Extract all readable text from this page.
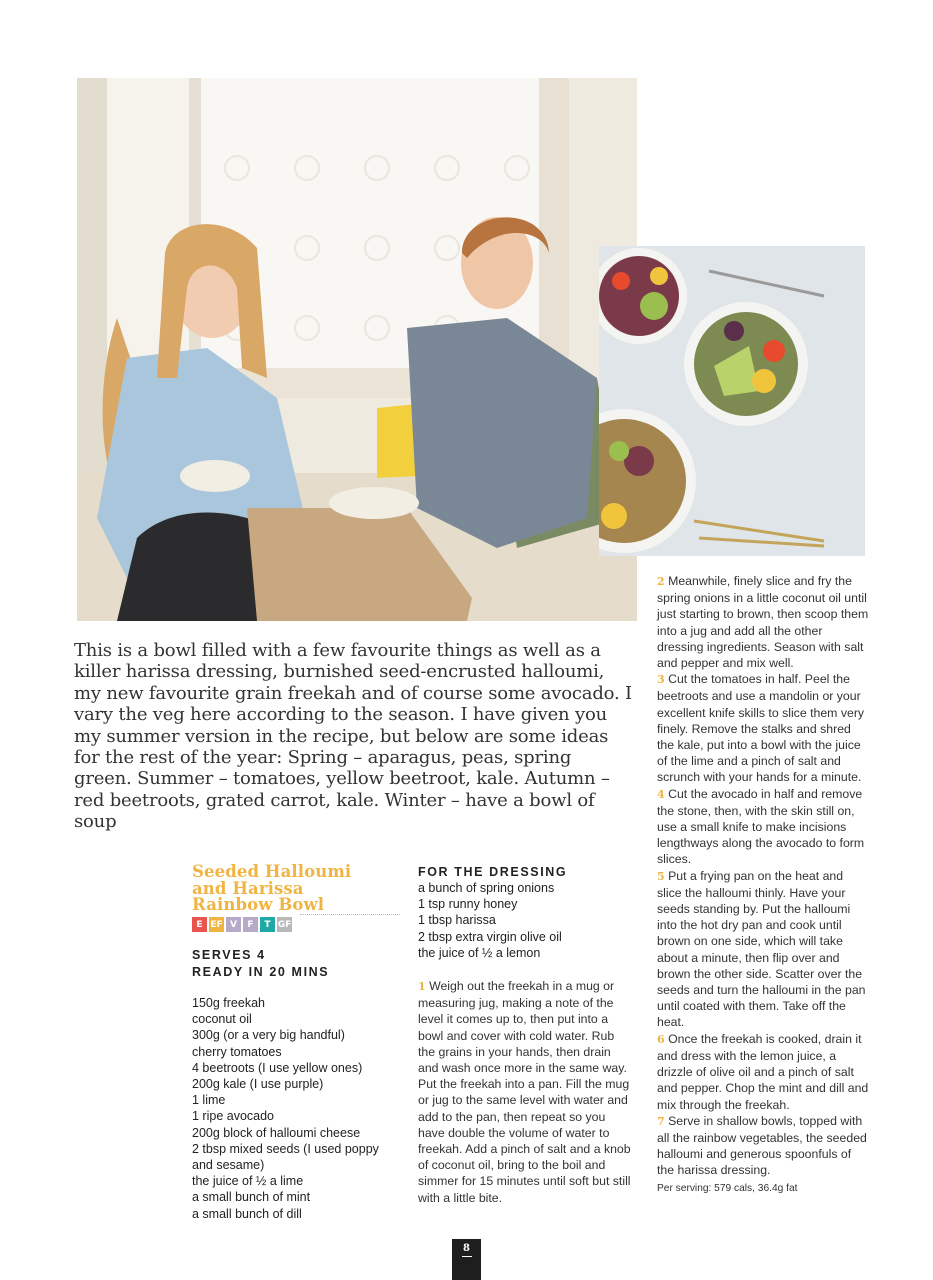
This is a bowl filled with a few favourite things as well as a killer harissa dressing, burnished seed-encrusted halloumi, my new favourite grain freekah and of course some avocado. I vary the veg here according to the season. I have given you my summer version in the recipe, but below are some ideas for the rest of the year: Spring – aparagus, peas, spring green. Summer – tomatoes, yellow beetroot, kale. Autumn – red beetroots, grated carrot, kale. Winter – have a bowl of soup

Seeded Halloumi
and Harissa
Rainbow Bowl
E EF V	F	T GF

SERVES 4
READY IN 20 MINS

150g freekah
coconut oil
300g (or a very big handful)
cherry tomatoes
4 beetroots (I use yellow ones)
200g kale (I use purple)
1 lime
1 ripe avocado
200g block of halloumi cheese
2 tbsp mixed seeds (I used poppy
and sesame)
the juice of ½ a lime
a small bunch of mint
a small bunch of dill
FOR THE DRESSING
a bunch of spring onions
1 tsp runny honey
1 tbsp harissa
2 tbsp extra virgin olive oil
the juice of ½ a lemon

1 Weigh out the freekah in a mug or measuring jug, making a note of the level it comes up to, then put into a bowl and cover with cold water. Rub the grains in your hands, then drain and wash once more in the same way. Put the freekah into a pan. Fill the mug or jug to the same level with water and add to the pan, then repeat so you have double the volume of water to freekah. Add a pinch of salt and a knob of coconut oil, bring to the boil and simmer for 15 minutes until soft but still with a little bite.

2 Meanwhile, finely slice and fry the spring onions in a little coconut oil until just starting to brown, then scoop them into a jug and add all the other dressing ingredients. Season with salt and pepper and mix well.

3 Cut the tomatoes in half. Peel the beetroots and use a mandolin or your excellent knife skills to slice them very finely. Remove the stalks and shred the kale, put into a bowl with the juice of the lime and a pinch of salt and scrunch with your hands for a minute.

4 Cut the avocado in half and remove the stone, then, with the skin still on, use a small knife to make incisions lengthways along the avocado to form slices.

5 Put a frying pan on the heat and slice the halloumi thinly. Have your seeds standing by. Put the halloumi into the hot dry pan and cook until brown on one side, which will take about a minute, then flip over and brown the other side. Scatter over the seeds and turn the halloumi in the pan until coated with them. Take off the heat.

6 Once the freekah is cooked, drain it and dress with the lemon juice, a drizzle of olive oil and a pinch of salt and pepper. Chop the mint and dill and mix through the freekah.

7 Serve in shallow bowls, topped with all the rainbow vegetables, the seeded halloumi and generous spoonfuls of the harissa dressing.

Per serving: 579 cals, 36.4g fat

8
